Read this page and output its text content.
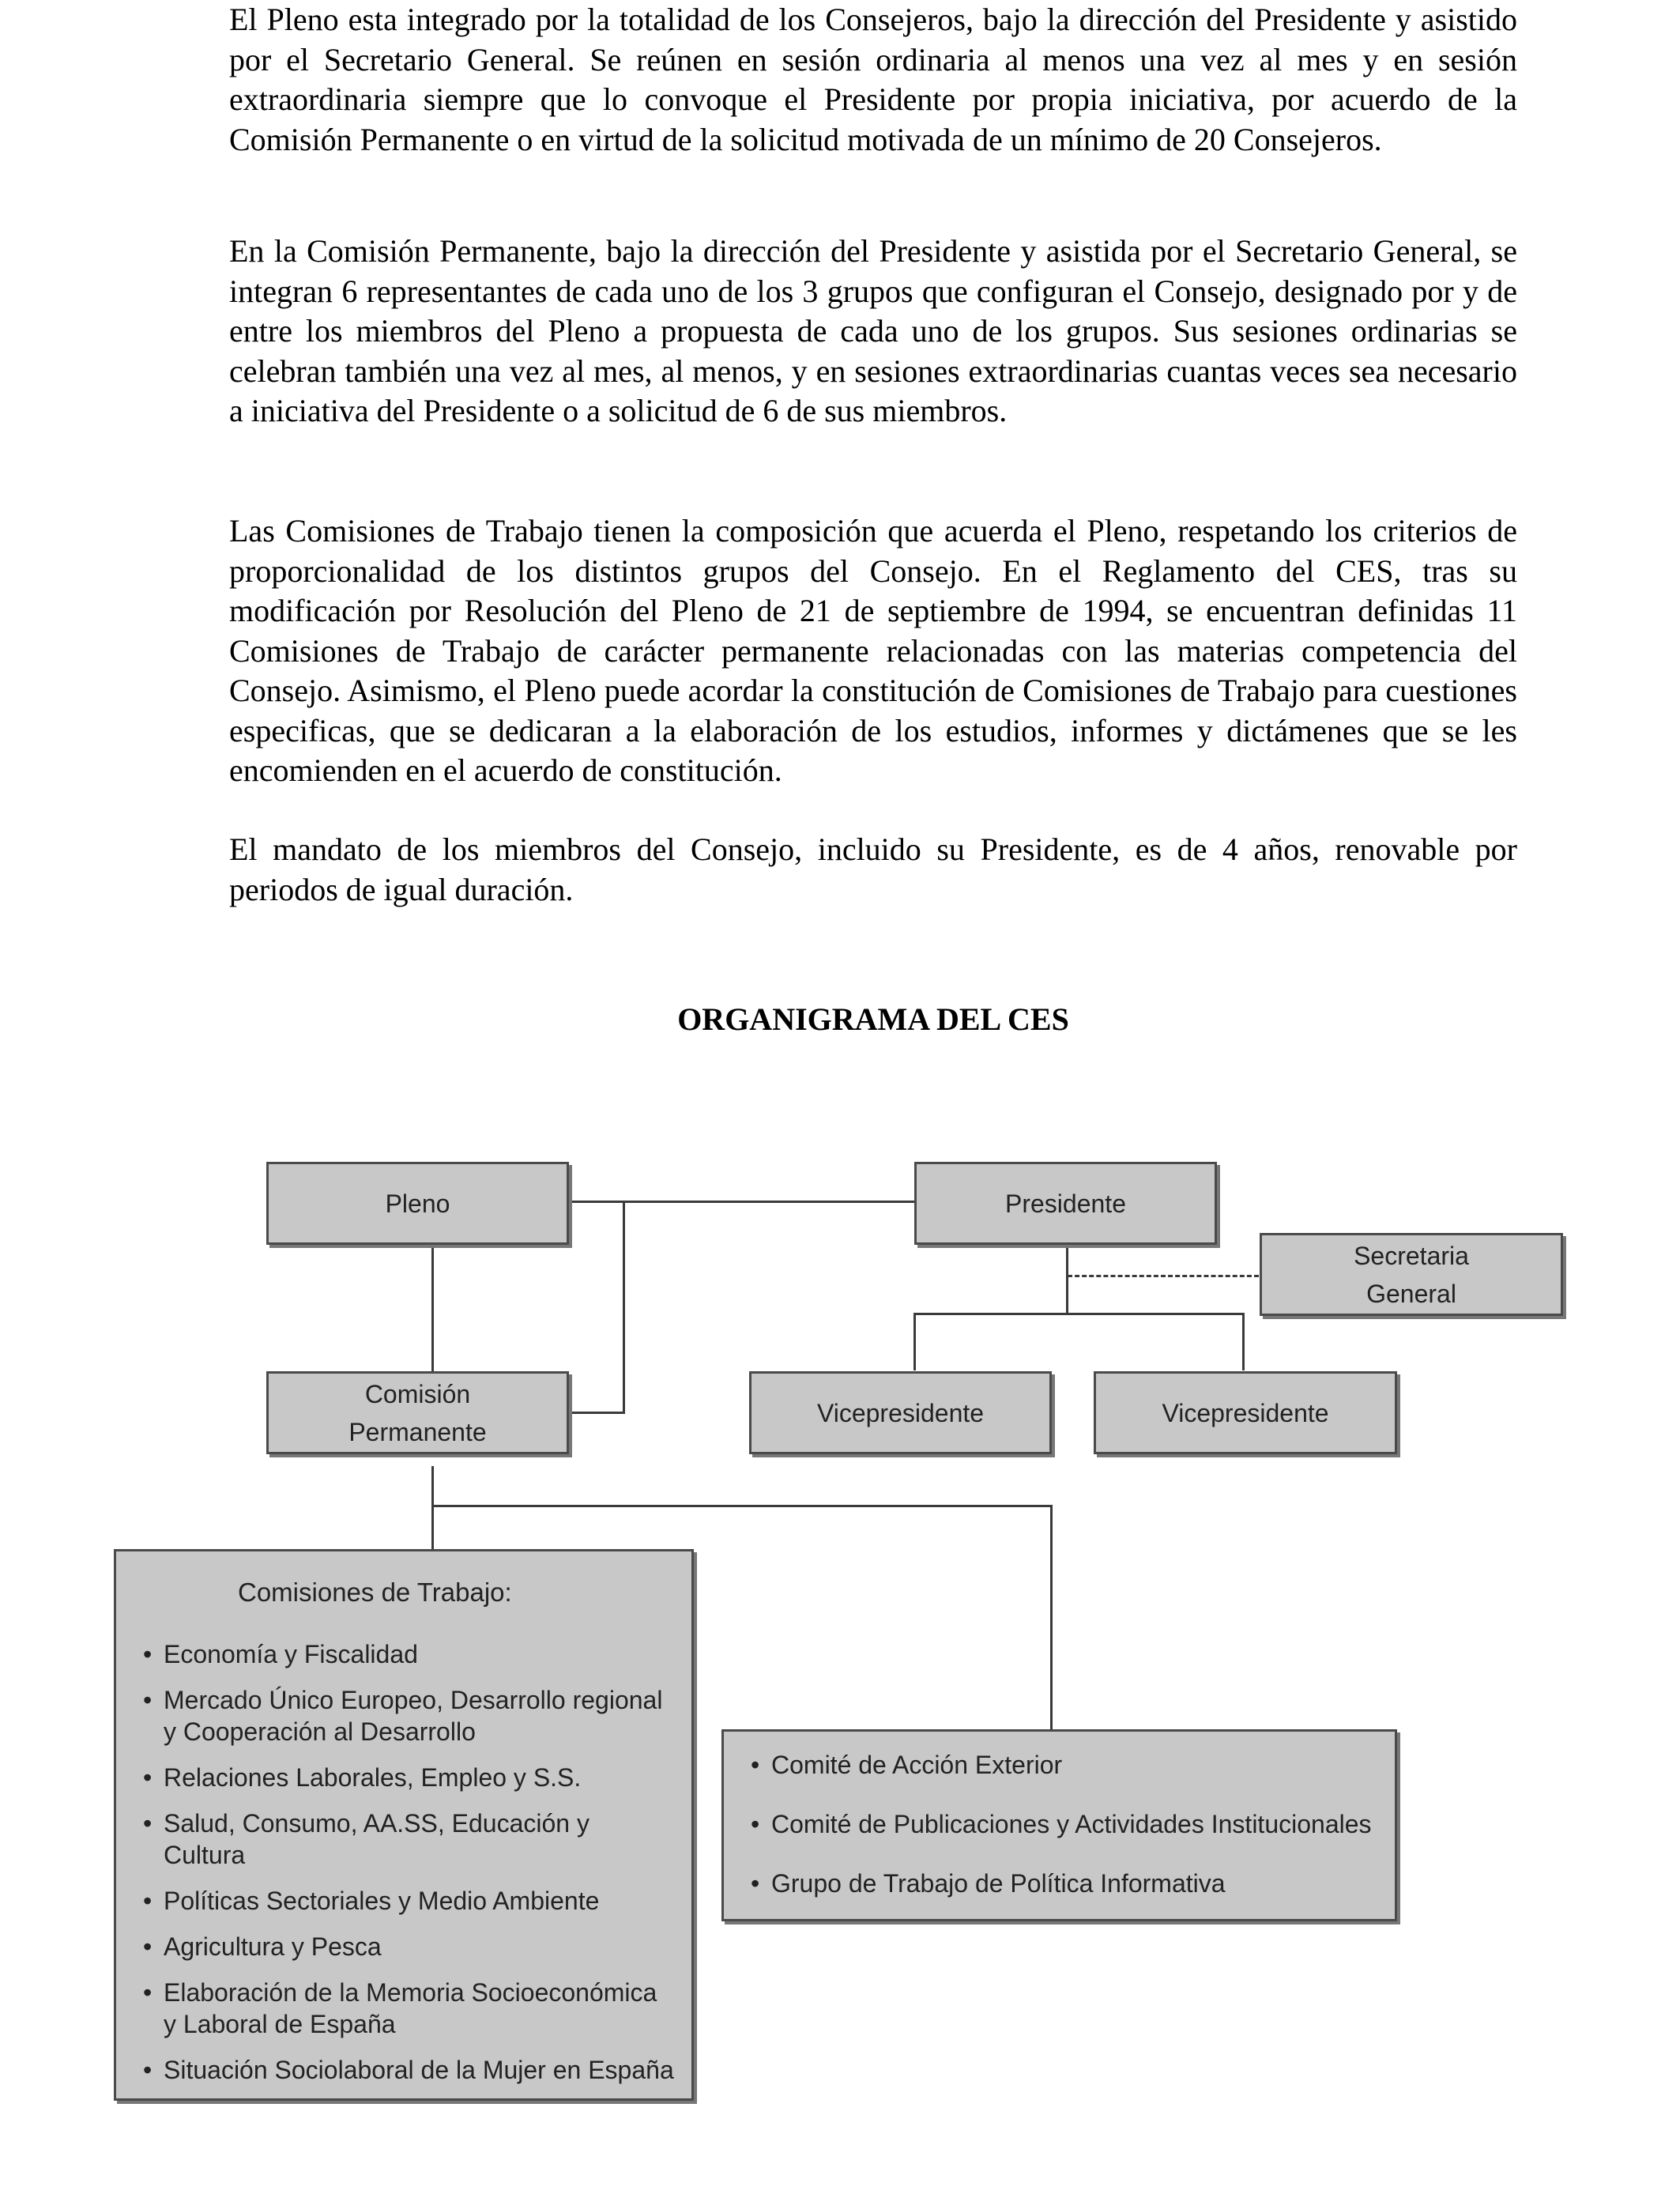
El Pleno esta integrado por la totalidad de los Consejeros, bajo la dirección del Presidente y asistido por el Secretario General. Se reúnen en sesión ordinaria al menos una vez al mes y en sesión extraordinaria siempre que lo convoque el Presidente por propia iniciativa, por acuerdo de la Comisión Permanente o en virtud de la solicitud motivada de un mínimo de 20 Consejeros.

En la Comisión Permanente, bajo la dirección del Presidente y asistida por el Secretario General, se integran 6 representantes de cada uno de los 3 grupos que configuran el Consejo, designado por y de entre los miembros del Pleno a propuesta de cada uno de los grupos. Sus sesiones ordinarias se celebran también una vez al mes, al menos, y en sesiones extraordinarias cuantas veces sea necesario a iniciativa del Presidente o a solicitud de 6 de sus miembros.

Las Comisiones de Trabajo tienen la composición que acuerda el Pleno, respetando los criterios de proporcionalidad de los distintos grupos del Consejo. En el Reglamento del CES, tras su modificación por Resolución del Pleno de 21 de septiembre de 1994, se encuentran definidas 11 Comisiones de Trabajo de carácter permanente relacionadas con las materias competencia del Consejo. Asimismo, el Pleno puede acordar la constitución de Comisiones de Trabajo para cuestiones especificas, que se dedicaran a la elaboración de los estudios, informes y dictámenes que se les encomienden en el acuerdo de constitución.

El mandato de los miembros del Consejo, incluido su Presidente, es de 4 años, renovable por periodos de igual duración.

ORGANIGRAMA DEL CES
Pleno	Presidente
Secretaria
General
Comisión
Permanente
Vicepresidente	Vicepresidente
Comisiones de Trabajo:
• Economía y Fiscalidad
• Mercado Único Europeo, Desarrollo regional y Cooperación al Desarrollo
• Relaciones Laborales, Empleo y S.S.
• Salud, Consumo, AA.SS, Educación y Cultura
• Políticas Sectoriales y Medio Ambiente
• Agricultura y Pesca
• Elaboración de la Memoria Socioeconómica y Laboral de España
• Situación Sociolaboral de la Mujer en España
• Comité de Acción Exterior
• Comité de Publicaciones y Actividades Institucionales
• Grupo de Trabajo de Política Informativa
